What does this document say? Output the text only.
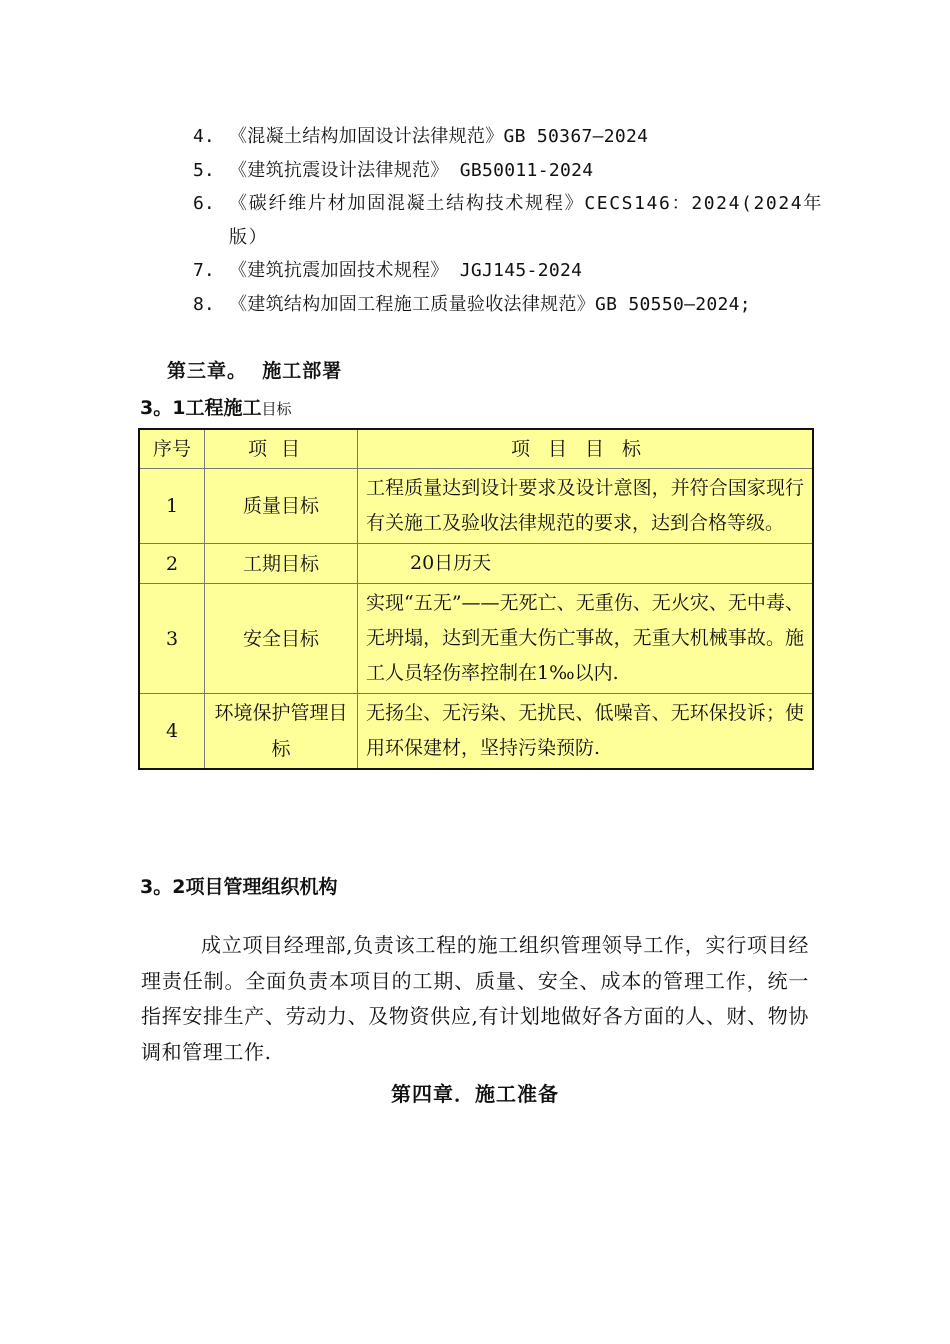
4. 《混凝土结构加固设计法律规范》GB 50367—2024
5. 《建筑抗震设计法律规范》 GB50011-2024
6. 《碳纤维片材加固混凝土结构技术规程》CECS146：2024(2024年版）
7. 《建筑抗震加固技术规程》 JGJ145-2024
8. 《建筑结构加固工程施工质量验收法律规范》GB 50550—2024;
第三章。  施工部署
3。1工程施工目标
序号	项目	项目目标
1	质量目标	工程质量达到设计要求及设计意图，并符合国家现行有关施工及验收法律规范的要求，达到合格等级。
2	工期目标	20日历天
3	安全目标	实现“五无”——无死亡、无重伤、无火灾、无中毒、无坍塌，达到无重大伤亡事故，无重大机械事故。施工人员轻伤率控制在1‰以内.
4	环境保护管理目标	无扬尘、无污染、无扰民、低噪音、无环保投诉；使用环保建材，坚持污染预防.
3。2项目管理组织机构

成立项目经理部,负责该工程的施工组织管理领导工作，实行项目经理责任制。全面负责本项目的工期、质量、安全、成本的管理工作，统一指挥安排生产、劳动力、及物资供应,有计划地做好各方面的人、财、物协调和管理工作.

第四章．施工准备
